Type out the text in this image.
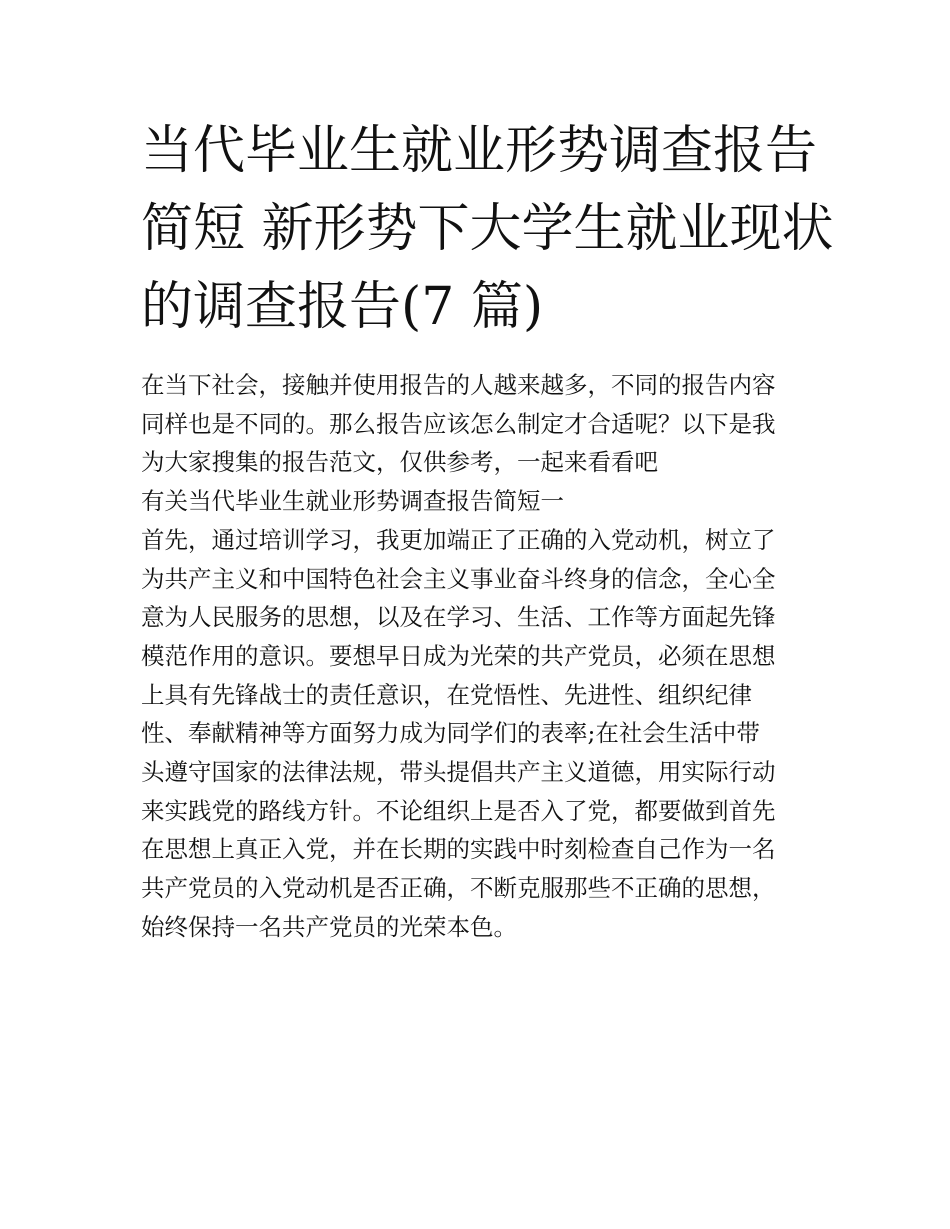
当代毕业生就业形势调查报告
简短 新形势下大学生就业现状
的调查报告(7 篇)
在当下社会，接触并使用报告的人越来越多，不同的报告内容
同样也是不同的。那么报告应该怎么制定才合适呢？以下是我
为大家搜集的报告范文，仅供参考，一起来看看吧
有关当代毕业生就业形势调查报告简短一
首先，通过培训学习，我更加端正了正确的入党动机，树立了
为共产主义和中国特色社会主义事业奋斗终身的信念，全心全
意为人民服务的思想，以及在学习、生活、工作等方面起先锋
模范作用的意识。要想早日成为光荣的共产党员，必须在思想
上具有先锋战士的责任意识，在党悟性、先进性、组织纪律
性、奉献精神等方面努力成为同学们的表率;在社会生活中带
头遵守国家的法律法规，带头提倡共产主义道德，用实际行动
来实践党的路线方针。不论组织上是否入了党，都要做到首先
在思想上真正入党，并在长期的实践中时刻检查自己作为一名
共产党员的入党动机是否正确，不断克服那些不正确的思想，
始终保持一名共产党员的光荣本色。
